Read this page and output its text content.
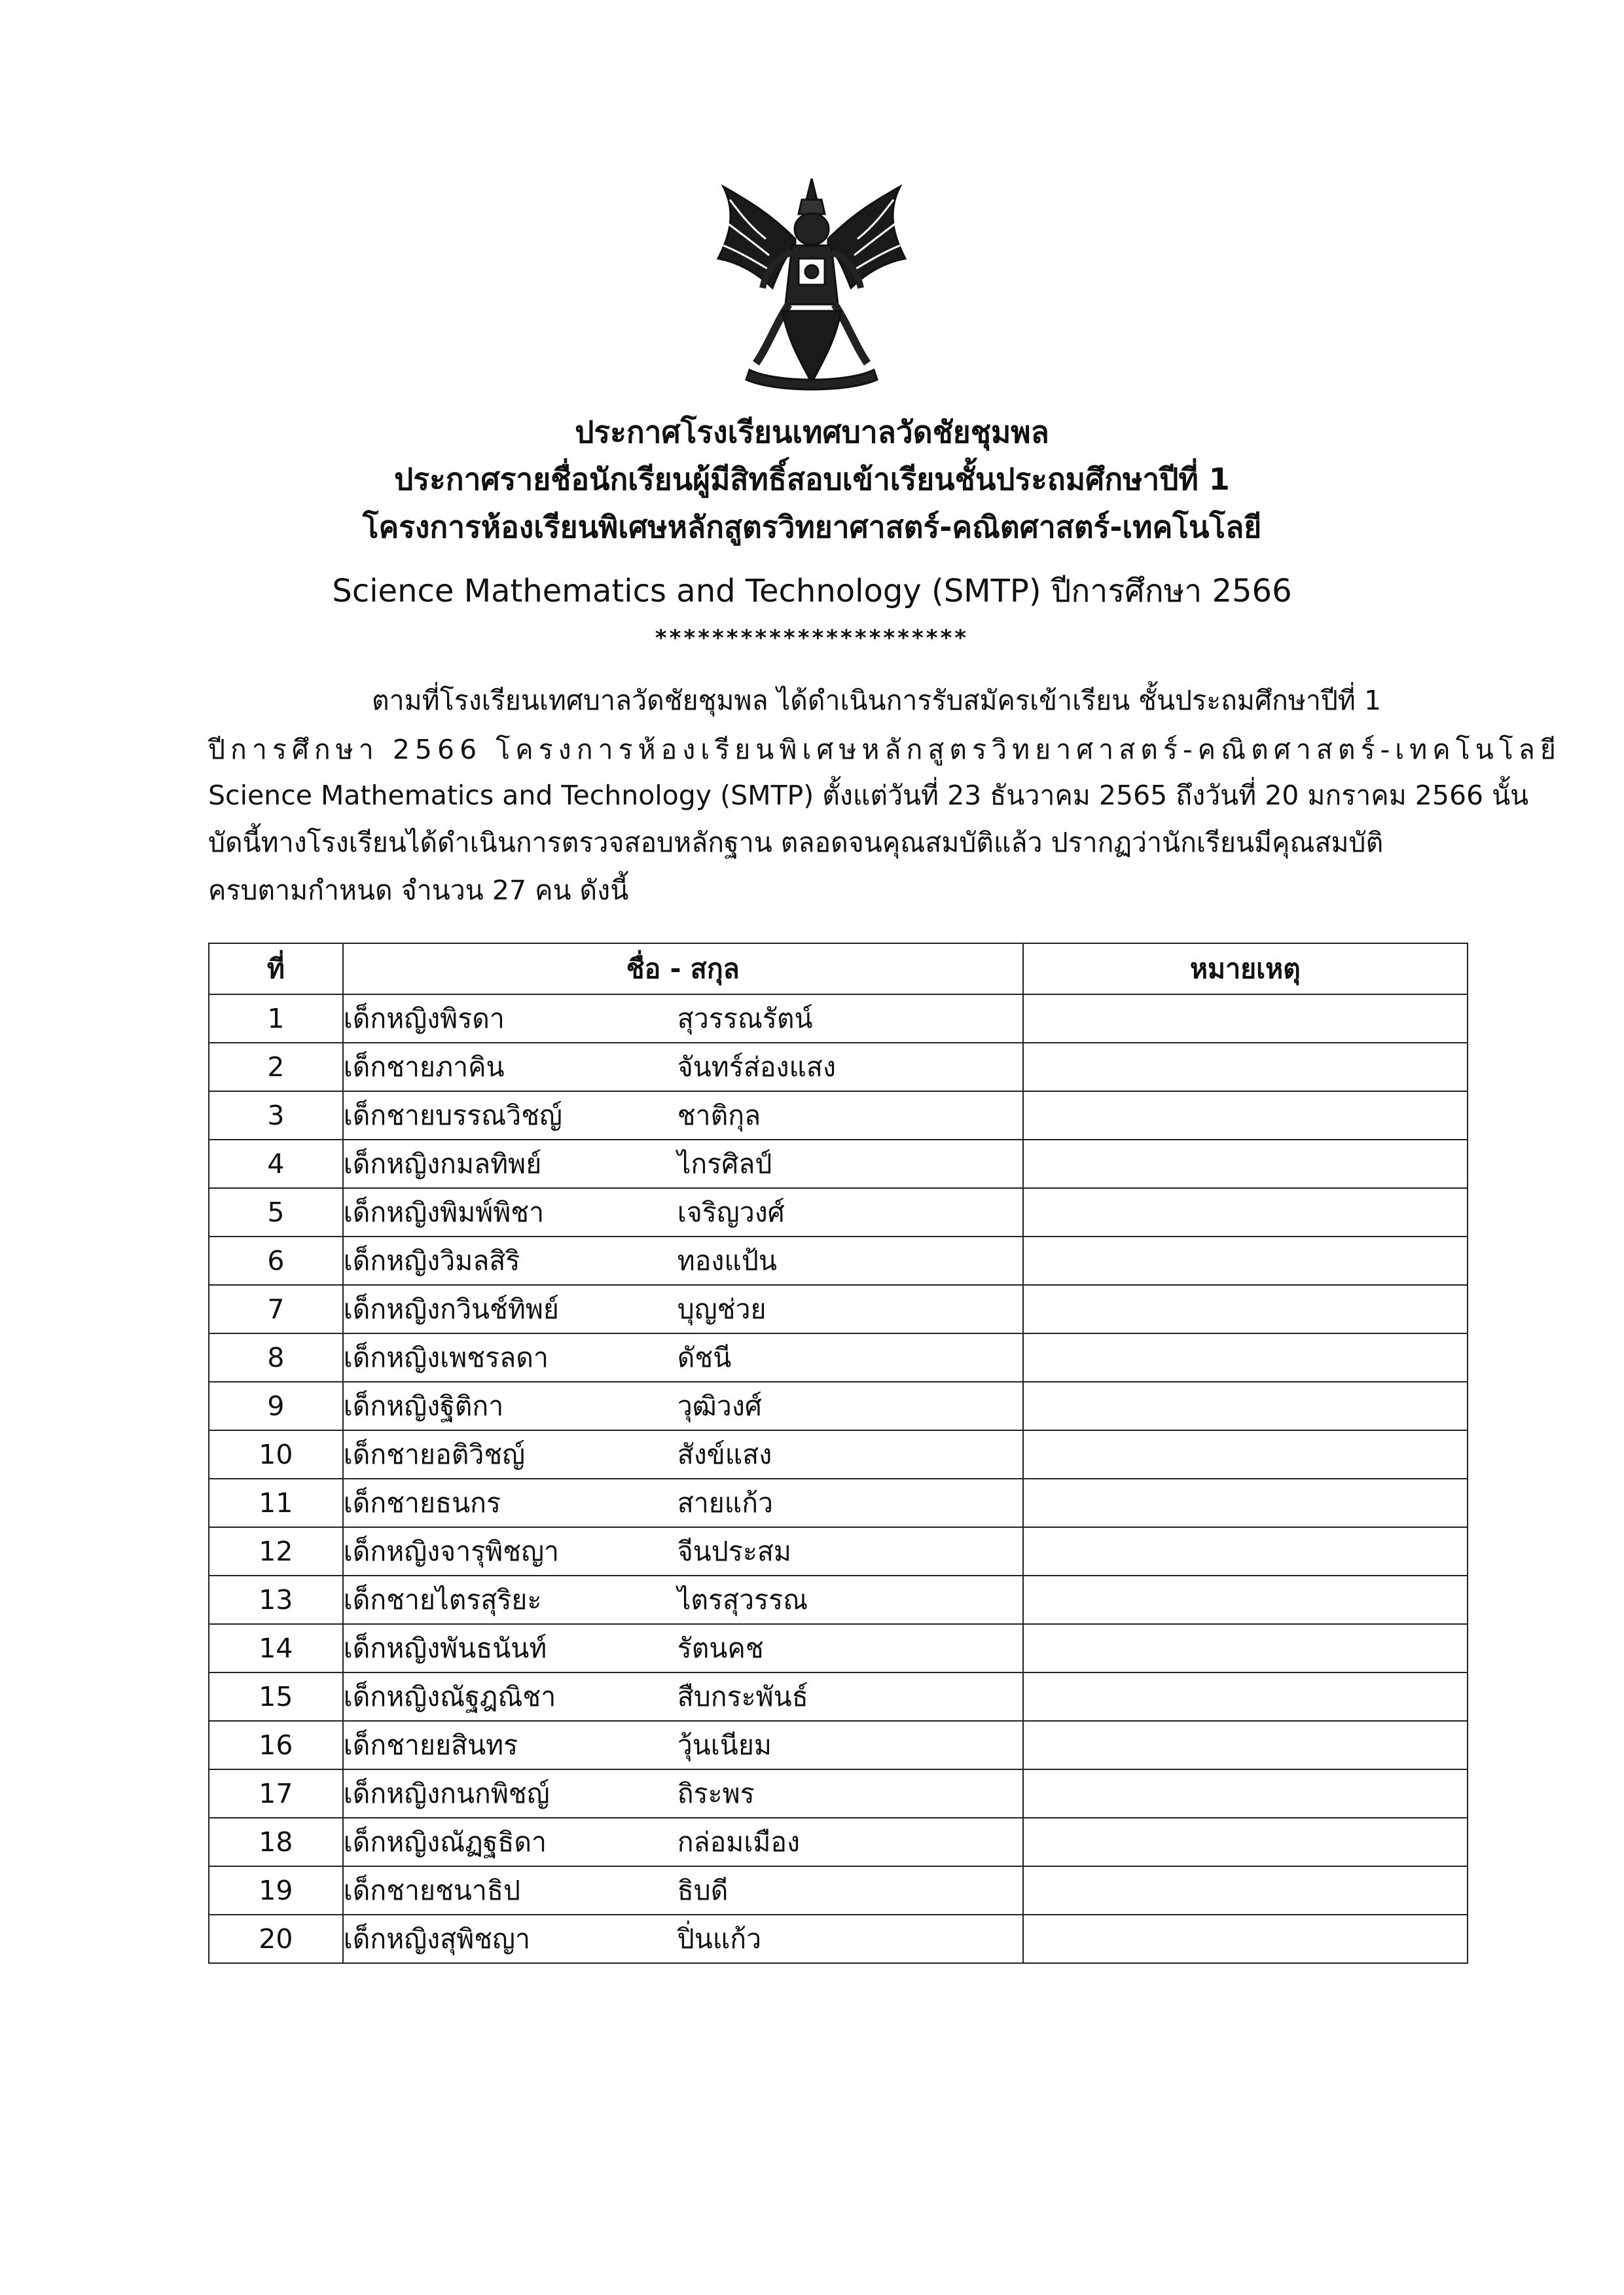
ประกาศโรงเรียนเทศบาลวัดชัยชุมพล
ประกาศรายชื่อนักเรียนผู้มีสิทธิ์สอบเข้าเรียนชั้นประถมศึกษาปีที่ 1
โครงการห้องเรียนพิเศษหลักสูตรวิทยาศาสตร์-คณิตศาสตร์-เทคโนโลยี
Science Mathematics and Technology (SMTP) ปีการศึกษา 2566
**********************
ตามที่โรงเรียนเทศบาลวัดชัยชุมพล ได้ดำเนินการรับสมัครเข้าเรียน ชั้นประถมศึกษาปีที่ 1
ปีการศึกษา 2566 โครงการห้องเรียนพิเศษหลักสูตรวิทยาศาสตร์-คณิตศาสตร์-เทคโนโลยี
Science Mathematics and Technology (SMTP) ตั้งแต่วันที่ 23 ธันวาคม 2565 ถึงวันที่ 20 มกราคม 2566 นั้น
บัดนี้ทางโรงเรียนได้ดำเนินการตรวจสอบหลักฐาน ตลอดจนคุณสมบัติแล้ว ปรากฏว่านักเรียนมีคุณสมบัติ
ครบตามกำหนด จำนวน 27 คน ดังนี้
ที่	ชื่อ - สกุล	หมายเหตุ
1	เด็กหญิงพิรดา สุวรรณรัตน์	
2	เด็กชายภาคิน จันทร์ส่องแสง	
3	เด็กชายบรรณวิชญ์ ชาติกุล	
4	เด็กหญิงกมลทิพย์ ไกรศิลป์	
5	เด็กหญิงพิมพ์พิชา เจริญวงศ์	
6	เด็กหญิงวิมลสิริ ทองแป้น	
7	เด็กหญิงกวินช์ทิพย์ บุญช่วย	
8	เด็กหญิงเพชรลดา ดัชนี	
9	เด็กหญิงฐิติกา วุฒิวงศ์	
10	เด็กชายอติวิชญ์ สังข์แสง	
11	เด็กชายธนกร สายแก้ว	
12	เด็กหญิงจารุพิชญา จีนประสม	
13	เด็กชายไตรสุริยะ ไตรสุวรรณ	
14	เด็กหญิงพันธนันท์ รัตนคช	
15	เด็กหญิงณัฐฎณิชา สืบกระพันธ์	
16	เด็กชายยสินทร วุ้นเนียม	
17	เด็กหญิงกนกพิชญ์ ถิระพร	
18	เด็กหญิงณัฏฐธิดา กล่อมเมือง	
19	เด็กชายชนาธิป ธิบดี	
20	เด็กหญิงสุพิชญา ปิ่นแก้ว	
